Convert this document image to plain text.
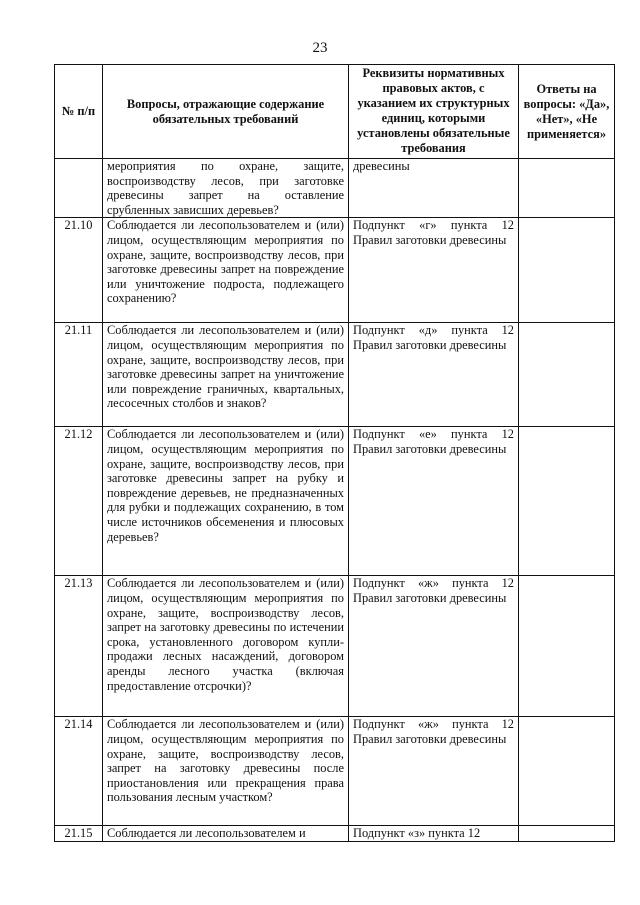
23
№ п/п	Вопросы, отражающие содержание обязательных требований	Реквизиты нормативных правовых актов, с указанием их структурных единиц, которыми установлены обязательные требования	Ответы на вопросы: «Да», «Нет», «Не применяется»
	мероприятия по охране, защите, воспроизводству лесов, при заготовке древесины запрет на оставление срубленных зависших деревьев?	древесины	
21.10	Соблюдается ли лесопользователем и (или) лицом, осуществляющим мероприятия по охране, защите, воспроизводству лесов, при заготовке древесины запрет на повреждение или уничтожение подроста, подлежащего сохранению?	Подпункт «г» пункта 12 Правил заготовки древесины	
21.11	Соблюдается ли лесопользователем и (или) лицом, осуществляющим мероприятия по охране, защите, воспроизводству лесов, при заготовке древесины запрет на уничтожение или повреждение граничных, квартальных, лесосечных столбов и знаков?	Подпункт «д» пункта 12 Правил заготовки древесины	
21.12	Соблюдается ли лесопользователем и (или) лицом, осуществляющим мероприятия по охране, защите, воспроизводству лесов, при заготовке древесины запрет на рубку и повреждение деревьев, не предназначенных для рубки и подлежащих сохранению, в том числе источников обсеменения и плюсовых деревьев?	Подпункт «е» пункта 12 Правил заготовки древесины	
21.13	Соблюдается ли лесопользователем и (или) лицом, осуществляющим мероприятия по охране, защите, воспроизводству лесов, запрет на заготовку древесины по истечении срока, установленного договором купли-продажи лесных насаждений, договором аренды лесного участка (включая предоставление отсрочки)?	Подпункт «ж» пункта 12 Правил заготовки древесины	
21.14	Соблюдается ли лесопользователем и (или) лицом, осуществляющим мероприятия по охране, защите, воспроизводству лесов, запрет на заготовку древесины после приостановления или прекращения права пользования лесным участком?	Подпункт «ж» пункта 12 Правил заготовки древесины	
21.15	Соблюдается ли лесопользователем и	Подпункт «з» пункта 12	
